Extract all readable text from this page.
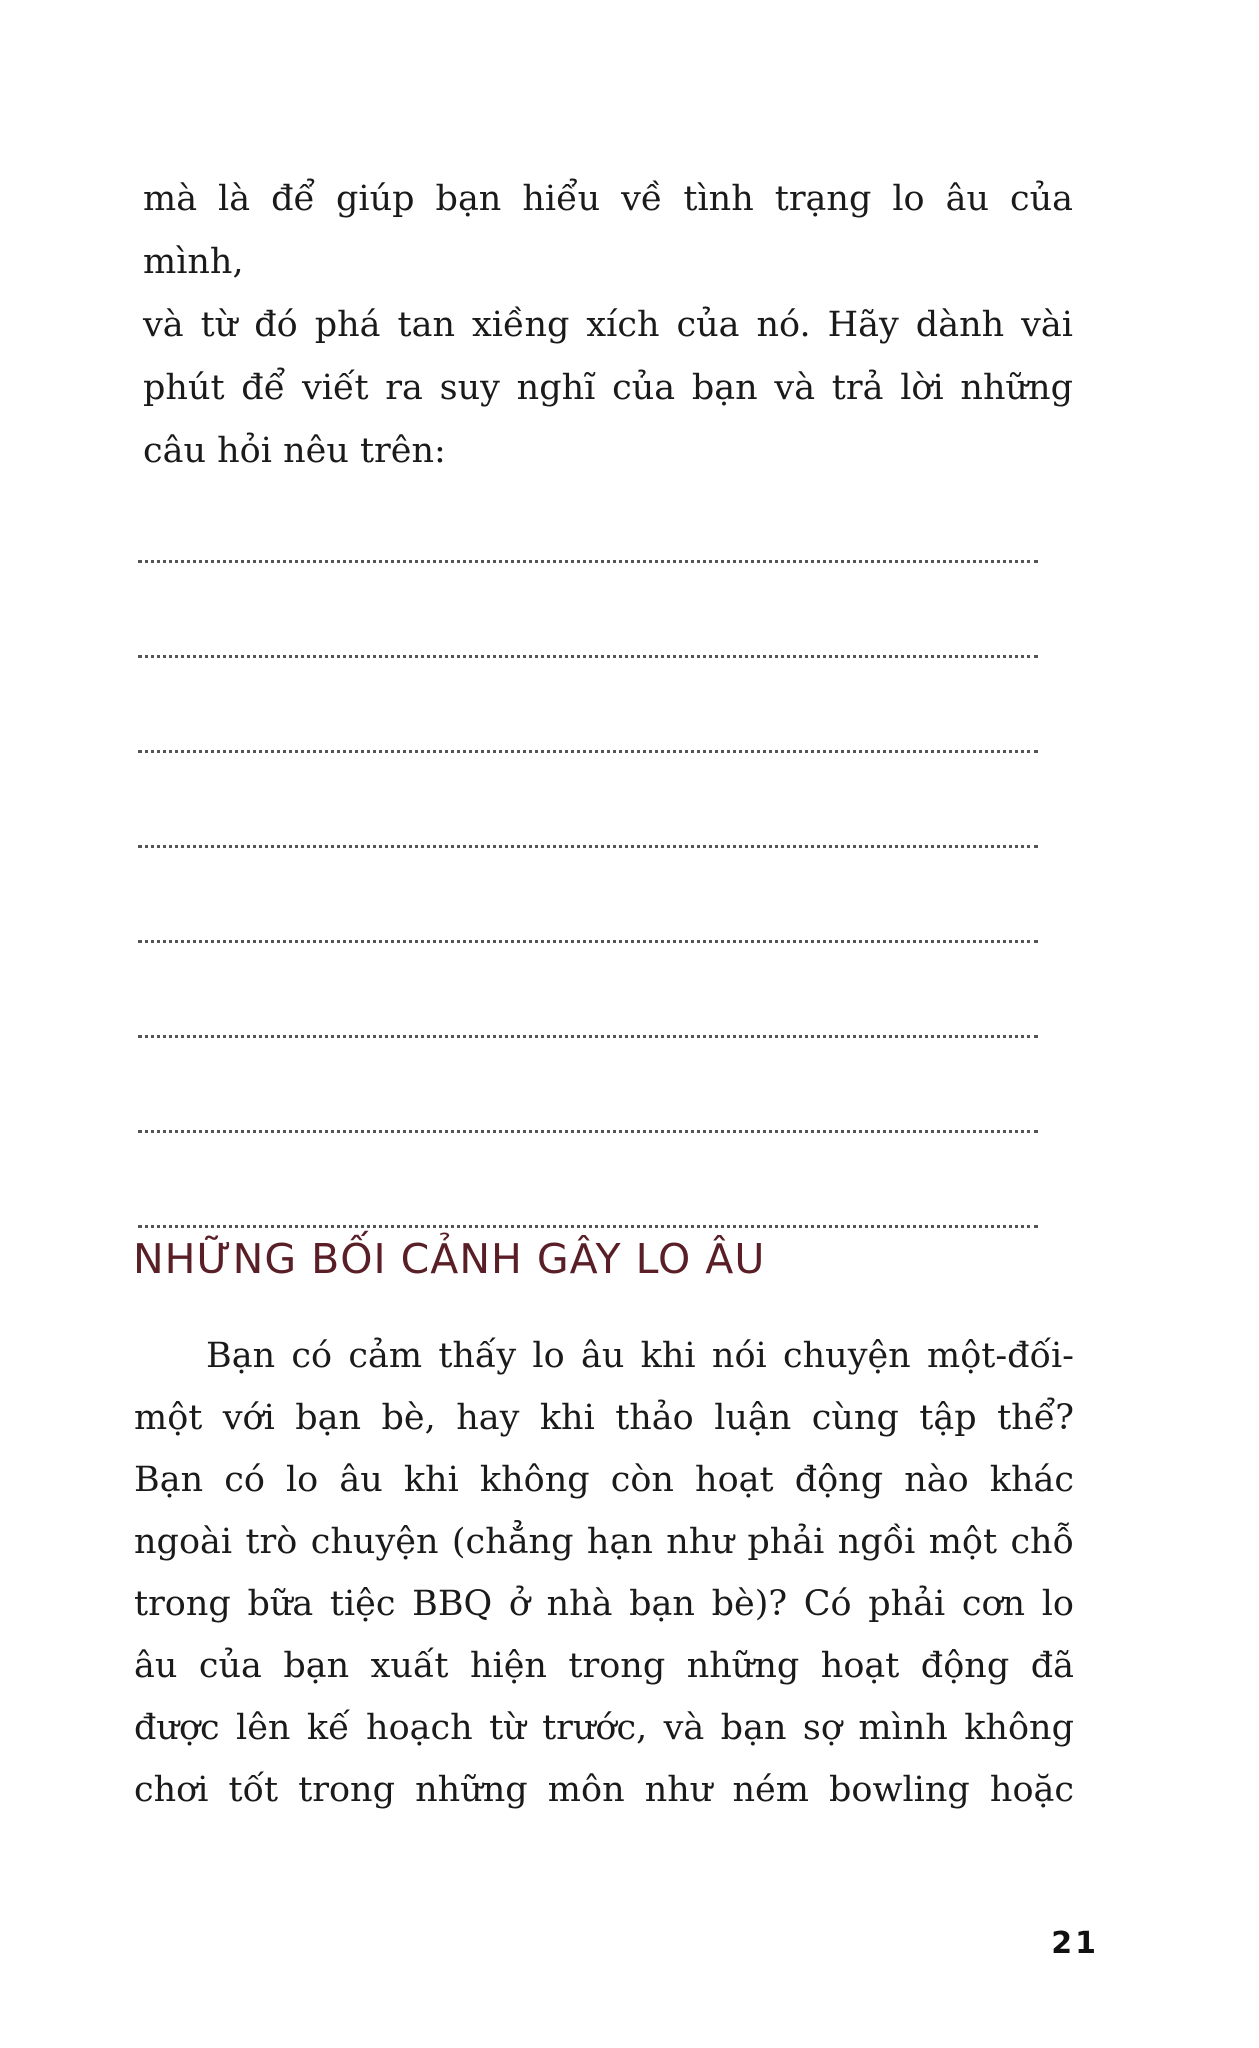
mà là để giúp bạn hiểu về tình trạng lo âu của mình,
và từ đó phá tan xiềng xích của nó. Hãy dành vài
phút để viết ra suy nghĩ của bạn và trả lời những
câu hỏi nêu trên:

NHỮNG BỐI CẢNH GÂY LO ÂU

Bạn có cảm thấy lo âu khi nói chuyện một-đối-
một với bạn bè, hay khi thảo luận cùng tập thể?
Bạn có lo âu khi không còn hoạt động nào khác
ngoài trò chuyện (chẳng hạn như phải ngồi một chỗ
trong bữa tiệc BBQ ở nhà bạn bè)? Có phải cơn lo
âu của bạn xuất hiện trong những hoạt động đã
được lên kế hoạch từ trước, và bạn sợ mình không
chơi tốt trong những môn như ném bowling hoặc

21
